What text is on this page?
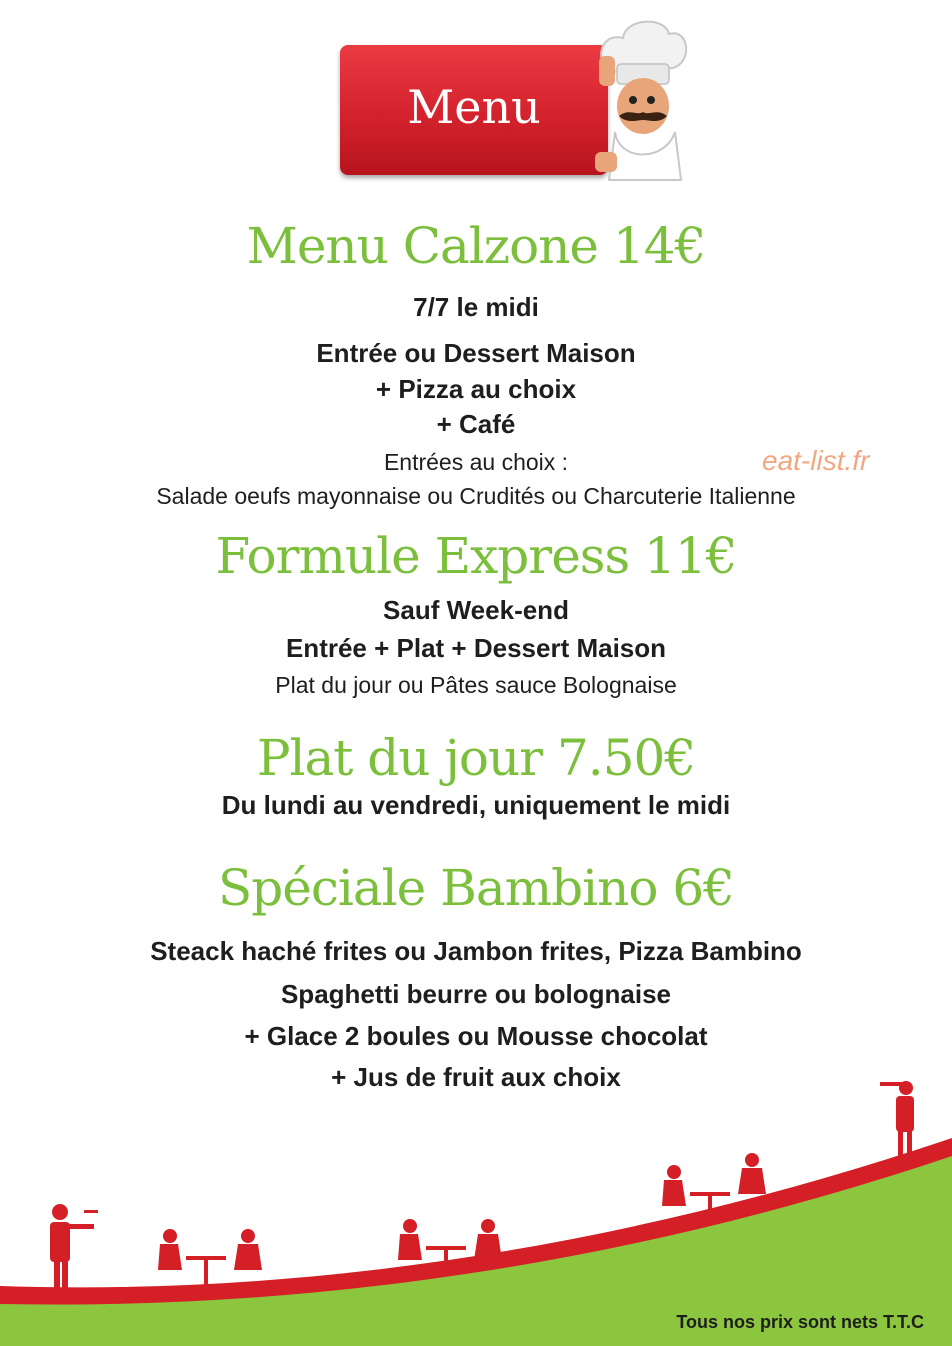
Menu
Menu Calzone 14€
7/7 le midi
Entrée ou Dessert Maison
+ Pizza au choix
+ Café
Entrées au choix :
Salade oeufs mayonnaise ou Crudités ou Charcuterie Italienne
eat-list.fr
Formule Express 11€
Sauf Week-end
Entrée + Plat + Dessert Maison
Plat du jour ou Pâtes sauce Bolognaise
Plat du jour 7.50€
Du lundi au vendredi, uniquement le midi
Spéciale Bambino 6€
Steack haché frites ou Jambon frites, Pizza Bambino
Spaghetti beurre ou bolognaise
+ Glace 2 boules ou Mousse chocolat
+ Jus de fruit aux choix
Tous nos prix sont nets T.T.C
